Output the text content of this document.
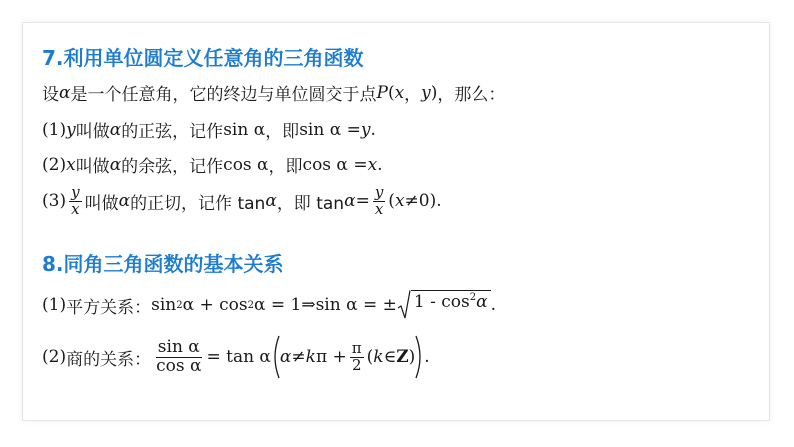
7.利用单位圆定义任意角的三角函数
设 α 是一个任意角，它的终边与单位圆交于点 P ( x ， y ) ，那么：
(1) y 叫做 α 的正弦，记作 sin α ，即 sin α = y .
(2) x 叫做 α 的余弦，记作 cos α ，即 cos α = x .
$(3) \frac{y}{x}$ 叫做 α 的正切，记作 tan α ，即 $\tan \alpha = \frac{y}{x}$ ( x ≠0).
8.同角三角函数的基本关系
(1) 平方关系： sin 2 α + cos 2 α = 1⇒sin α = ± $1 - \cos^2\alpha$ .
(2) 商的关系： $\frac{\text{sin α}}{\text{cos α}} = \tan \alpha$ α≠ k $\pi + \frac{\pi}{2}$ ( k ∈ Z ) .
